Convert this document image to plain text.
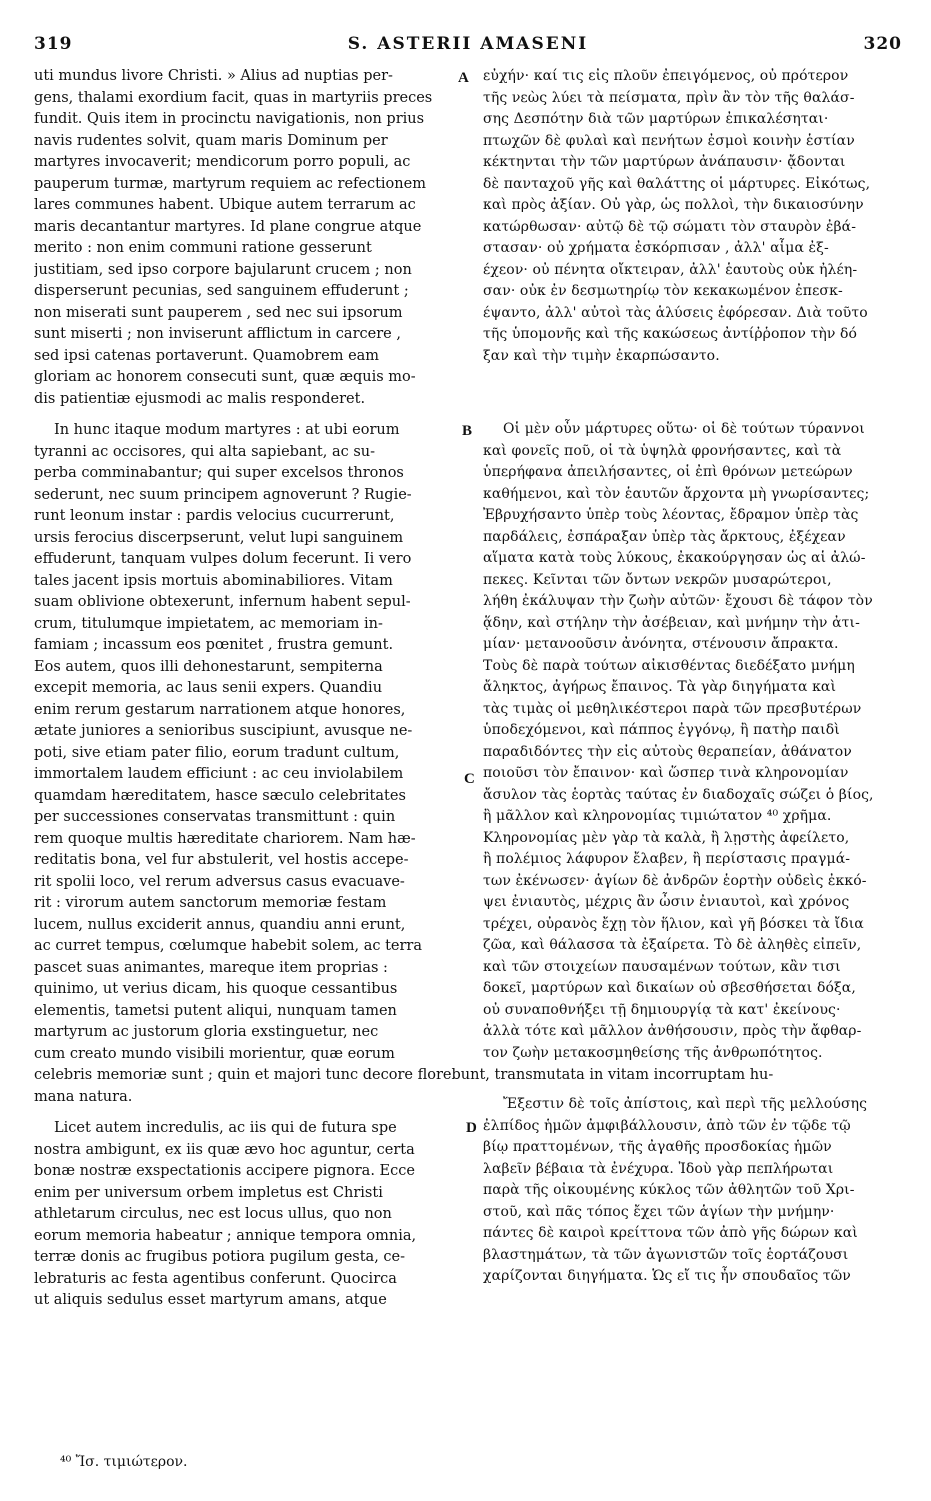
319	S. ASTERII AMASENI	320
uti mundus livore Christi. » Alius ad nuptias per-
gens, thalami exordium facit, quas in martyriis preces
fundit. Quis item in procinctu navigationis, non prius
navis rudentes solvit, quam maris Dominum per
martyres invocaverit; mendicorum porro populi, ac
pauperum turmæ, martyrum requiem ac refectionem
lares communes habent. Ubique autem terrarum ac
maris decantantur martyres. Id plane congrue atque
merito : non enim communi ratione gesserunt
justitiam, sed ipso corpore bajularunt crucem ; non
disperserunt pecunias, sed sanguinem effuderunt ;
non miserati sunt pauperem , sed nec sui ipsorum
sunt miserti ; non inviserunt afflictum in carcere ,
sed ipsi catenas portaverunt. Quamobrem eam
gloriam ac honorem consecuti sunt, quæ æquis mo-
dis patientiæ ejusmodi ac malis responderet.
In hunc itaque modum martyres : at ubi eorum
tyranni ac occisores, qui alta sapiebant, ac su-
perba comminabantur; qui super excelsos thronos
sederunt, nec suum principem agnoverunt ? Rugie-
runt leonum instar : pardis velocius cucurrerunt,
ursis ferocius discerpserunt, velut lupi sanguinem
effuderunt, tanquam vulpes dolum fecerunt. Ii vero
tales jacent ipsis mortuis abominabiliores. Vitam
suam oblivione obtexerunt, infernum habent sepul-
crum, titulumque impietatem, ac memoriam in-
famiam ; incassum eos pœnitet , frustra gemunt.
Eos autem, quos illi dehonestarunt, sempiterna
excepit memoria, ac laus senii expers. Quandiu
enim rerum gestarum narrationem atque honores,
ætate juniores a senioribus suscipiunt, avusque ne-
poti, sive etiam pater filio, eorum tradunt cultum,
immortalem laudem efficiunt : ac ceu inviolabilem
quamdam hæreditatem, hasce sæculo celebritates
per successiones conservatas transmittunt : quin
rem quoque multis hæreditate chariorem. Nam hæ-
reditatis bona, vel fur abstulerit, vel hostis accepe-
rit spolii loco, vel rerum adversus casus evacuave-
rit : virorum autem sanctorum memoriæ festam
lucem, nullus exciderit annus, quandiu anni erunt,
ac curret tempus, cœlumque habebit solem, ac terra
pascet suas animantes, mareque item proprias :
quinimo, ut verius dicam, his quoque cessantibus
elementis, tametsi putent aliqui, nunquam tamen
martyrum ac justorum gloria exstinguetur, nec
cum creato mundo visibili morientur, quæ eorum
celebris memoriæ sunt ; quin et majori tunc decore florebunt, transmutata in vitam incorruptam hu-
mana natura.
Licet autem incredulis, ac iis qui de futura spe
nostra ambigunt, ex iis quæ ævo hoc aguntur, certa
bonæ nostræ exspectationis accipere pignora. Ecce
enim per universum orbem impletus est Christi
athletarum circulus, nec est locus ullus, quo non
eorum memoria habeatur ; annique tempora omnia,
terræ donis ac frugibus potiora pugilum gesta, ce-
lebraturis ac festa agentibus conferunt. Quocirca
ut aliquis sedulus esset martyrum amans, atque
εὐχήν· καί τις εἰς πλοῦν ἐπειγόμενος, οὐ πρότερον
τῆς νεὼς λύει τὰ πείσματα, πρὶν ἂν τὸν τῆς θαλάσ-
σης Δεσπότην διὰ τῶν μαρτύρων ἐπικαλέσηται·
πτωχῶν δὲ φυλαὶ καὶ πενήτων ἐσμοὶ κοινὴν ἑστίαν
κέκτηνται τὴν τῶν μαρτύρων ἀνάπαυσιν· ᾄδονται
δὲ πανταχοῦ γῆς καὶ θαλάττης οἱ μάρτυρες. Εἰκότως,
καὶ πρὸς ἀξίαν. Οὐ γὰρ, ὡς πολλοὶ, τὴν δικαιοσύνην
κατώρθωσαν· αὐτῷ δὲ τῷ σώματι τὸν σταυρὸν ἐβά-
στασαν· οὐ χρήματα ἐσκόρπισαν , ἀλλ' αἷμα ἐξ-
έχεον· οὐ πένητα οἴκτειραν, ἀλλ' ἑαυτοὺς οὐκ ἠλέη-
σαν· οὐκ ἐν δεσμωτηρίῳ τὸν κεκακωμένον ἐπεσκ-
έψαντο, ἀλλ' αὐτοὶ τὰς ἁλύσεις ἐφόρεσαν. Διὰ τοῦτο
τῆς ὑπομονῆς καὶ τῆς κακώσεως ἀντίῤῥοπον τὴν δό
ξαν καὶ τὴν τιμὴν ἐκαρπώσαντο.
Οἱ μὲν οὖν μάρτυρες οὕτω· οἱ δὲ τούτων τύραννοι
καὶ φονεῖς ποῦ, οἱ τὰ ὑψηλὰ φρονήσαντες, καὶ τὰ
ὑπερήφανα ἀπειλήσαντες, οἱ ἐπὶ θρόνων μετεώρων
καθήμενοι, καὶ τὸν ἑαυτῶν ἄρχοντα μὴ γνωρίσαντες;
Ἐβρυχήσαντο ὑπὲρ τοὺς λέοντας, ἔδραμον ὑπὲρ τὰς
παρδάλεις, ἐσπάραξαν ὑπὲρ τὰς ἄρκτους, ἐξέχεαν
αἵματα κατὰ τοὺς λύκους, ἐκακούργησαν ὡς αἱ ἀλώ-
πεκες. Κεῖνται τῶν ὄντων νεκρῶν μυσαρώτεροι,
λήθη ἐκάλυψαν τὴν ζωὴν αὐτῶν· ἔχουσι δὲ τάφον τὸν
ᾅδην, καὶ στήλην τὴν ἀσέβειαν, καὶ μνήμην τὴν ἀτι-
μίαν· μετανοοῦσιν ἀνόνητα, στένουσιν ἄπρακτα.
Τοὺς δὲ παρὰ τούτων αἰκισθέντας διεδέξατο μνήμη
ἄληκτος, ἀγήρως ἔπαινος. Τὰ γὰρ διηγήματα καὶ
τὰς τιμὰς οἱ μεθηλικέστεροι παρὰ τῶν πρεσβυτέρων
ὑποδεχόμενοι, καὶ πάππος ἐγγόνῳ, ἢ πατὴρ παιδὶ
παραδιδόντες τὴν εἰς αὐτοὺς θεραπείαν, ἀθάνατον
ποιοῦσι τὸν ἔπαινον· καὶ ὥσπερ τινὰ κληρονομίαν
ἄσυλον τὰς ἑορτὰς ταύτας ἐν διαδοχαῖς σώζει ὁ βίος,
ἢ μᾶλλον καὶ κληρονομίας τιμιώτατον ⁴⁰ χρῆμα.
Κληρονομίας μὲν γὰρ τὰ καλὰ, ἢ λῃστὴς ἀφείλετο,
ἢ πολέμιος λάφυρον ἔλαβεν, ἢ περίστασις πραγμά-
των ἐκένωσεν· ἁγίων δὲ ἀνδρῶν ἑορτὴν οὐδεὶς ἐκκό-
ψει ἐνιαυτὸς, μέχρις ἂν ὦσιν ἐνιαυτοὶ, καὶ χρόνος
τρέχει, οὐρανὸς ἔχῃ τὸν ἥλιον, καὶ γῆ βόσκει τὰ ἴδια
ζῶα, καὶ θάλασσα τὰ ἐξαίρετα. Τὸ δὲ ἀληθὲς εἰπεῖν,
καὶ τῶν στοιχείων παυσαμένων τούτων, κἂν τισι
δοκεῖ, μαρτύρων καὶ δικαίων οὐ σβεσθήσεται δόξα,
οὐ συναποθνήξει τῇ δημιουργίᾳ τὰ κατ' ἐκείνους·
ἀλλὰ τότε καὶ μᾶλλον ἀνθήσουσιν, πρὸς τὴν ἄφθαρ-
τον ζωὴν μετακοσμηθείσης τῆς ἀνθρωπότητος.
Ἔξεστιν δὲ τοῖς ἀπίστοις, καὶ περὶ τῆς μελλούσης
ἐλπίδος ἡμῶν ἀμφιβάλλουσιν, ἀπὸ τῶν ἐν τῷδε τῷ
βίῳ πραττομένων, τῆς ἀγαθῆς προσδοκίας ἡμῶν
λαβεῖν βέβαια τὰ ἐνέχυρα. Ἰδοὺ γὰρ πεπλήρωται
παρὰ τῆς οἰκουμένης κύκλος τῶν ἀθλητῶν τοῦ Χρι-
στοῦ, καὶ πᾶς τόπος ἔχει τῶν ἁγίων τὴν μνήμην·
πάντες δὲ καιροὶ κρείττονα τῶν ἀπὸ γῆς δώρων καὶ
βλαστημάτων, τὰ τῶν ἀγωνιστῶν τοῖς ἑορτάζουσι
χαρίζονται διηγήματα. Ὡς εἴ τις ἦν σπουδαῖος τῶν
A
B
C
D
⁴⁰ Ἴσ. τιμιώτερον.
